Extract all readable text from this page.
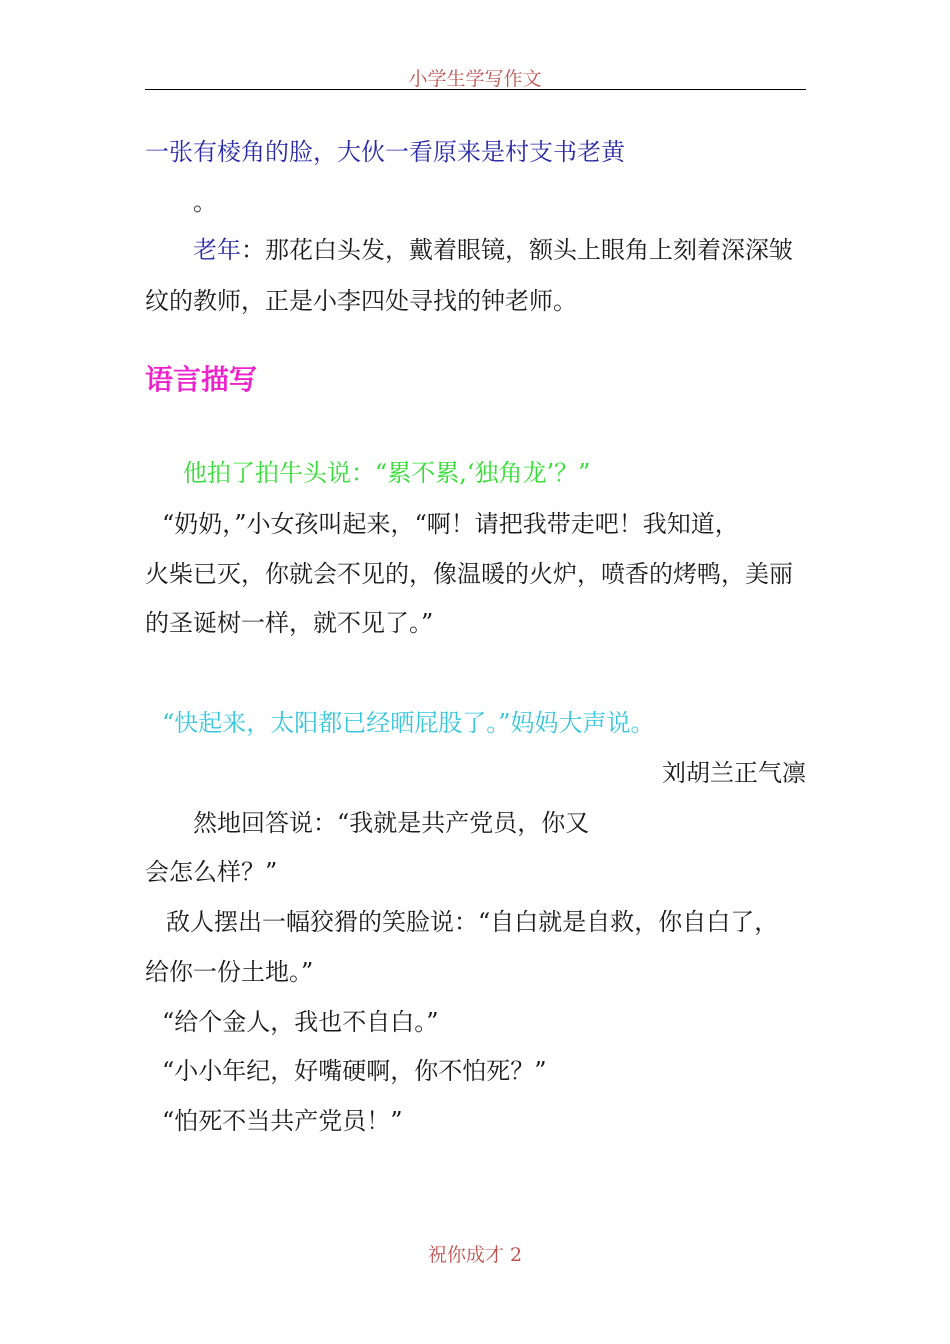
小学生学写作文
一张有棱角的脸，大伙一看原来是村支书老黄
。
老年：那花白头发，戴着眼镜，额头上眼角上刻着深深皱
纹的教师，正是小李四处寻找的钟老师。
语言描写
他拍了拍牛头说：“累不累,‘独角龙’？”
“奶奶，”小女孩叫起来，“啊！请把我带走吧！我知道，
火柴已灭，你就会不见的，像温暖的火炉，喷香的烤鸭，美丽
的圣诞树一样，就不见了。”
“快起来，太阳都已经晒屁股了。”妈妈大声说。
刘胡兰正气凛
然地回答说：“我就是共产党员，你又
会怎么样？”
敌人摆出一幅狡猾的笑脸说：“自白就是自救，你自白了，
给你一份土地。”
“给个金人，我也不自白。”
“小小年纪，好嘴硬啊，你不怕死？”
“怕死不当共产党员！”
祝你成才 2
